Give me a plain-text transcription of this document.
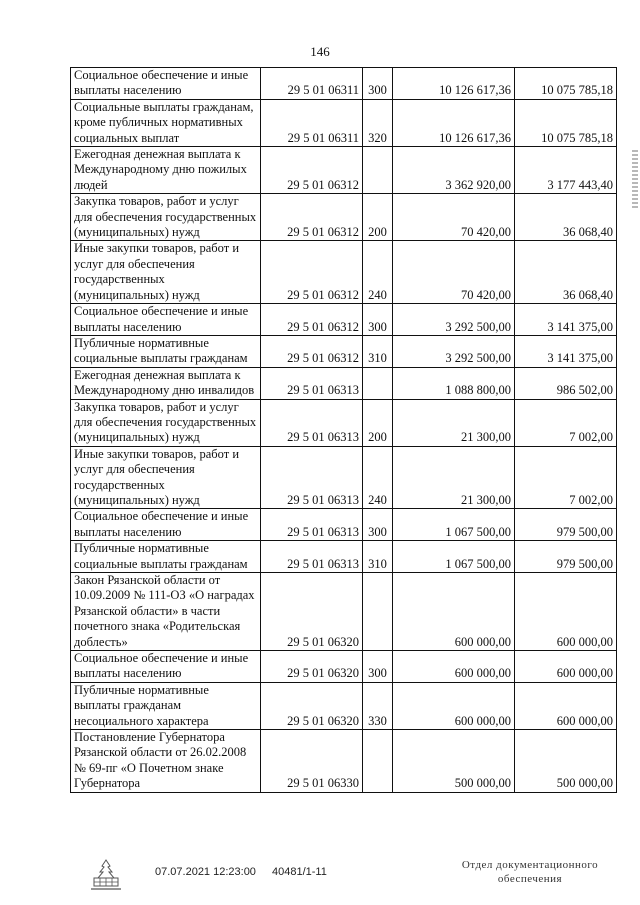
146
Социальное обеспечение и иные выплаты населению	29 5 01 06311	300	10 126 617,36	10 075 785,18
Социальные выплаты гражданам, кроме публичных нормативных социальных выплат	29 5 01 06311	320	10 126 617,36	10 075 785,18
Ежегодная денежная выплата к Международному дню пожилых людей	29 5 01 06312		3 362 920,00	3 177 443,40
Закупка товаров, работ и услуг для обеспечения государственных (муниципальных) нужд	29 5 01 06312	200	70 420,00	36 068,40
Иные закупки товаров, работ и услуг для обеспечения государственных (муниципальных) нужд	29 5 01 06312	240	70 420,00	36 068,40
Социальное обеспечение и иные выплаты населению	29 5 01 06312	300	3 292 500,00	3 141 375,00
Публичные нормативные социальные выплаты гражданам	29 5 01 06312	310	3 292 500,00	3 141 375,00
Ежегодная денежная выплата к Международному дню инвалидов	29 5 01 06313		1 088 800,00	986 502,00
Закупка товаров, работ и услуг для обеспечения государственных (муниципальных) нужд	29 5 01 06313	200	21 300,00	7 002,00
Иные закупки товаров, работ и услуг для обеспечения государственных (муниципальных) нужд	29 5 01 06313	240	21 300,00	7 002,00
Социальное обеспечение и иные выплаты населению	29 5 01 06313	300	1 067 500,00	979 500,00
Публичные нормативные социальные выплаты гражданам	29 5 01 06313	310	1 067 500,00	979 500,00
Закон Рязанской области от 10.09.2009 № 111-ОЗ «О наградах Рязанской области» в части почетного знака «Родительская доблесть»	29 5 01 06320		600 000,00	600 000,00
Социальное обеспечение и иные выплаты населению	29 5 01 06320	300	600 000,00	600 000,00
Публичные нормативные выплаты гражданам несоциального характера	29 5 01 06320	330	600 000,00	600 000,00
Постановление Губернатора Рязанской области от 26.02.2008 № 69-пг «О Почетном знаке Губернатора	29 5 01 06330		500 000,00	500 000,00
07.07.2021 12:23:00 40481/1-11
Отдел документационного обеспечения
